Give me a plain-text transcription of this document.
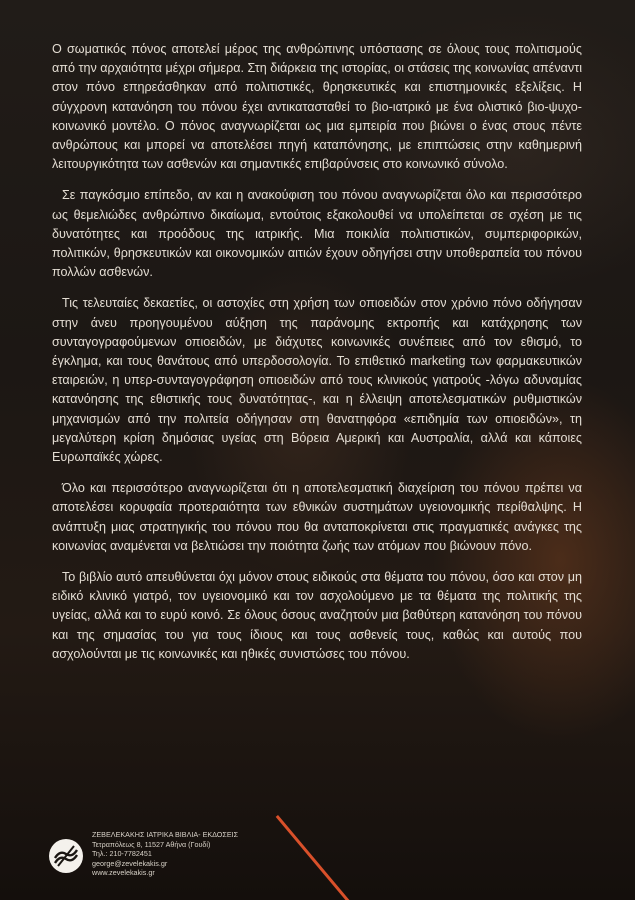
Ο σωματικός πόνος αποτελεί μέρος της ανθρώπινης υπόστασης σε όλους τους πολιτισμούς από την αρχαιότητα μέχρι σήμερα. Στη διάρκεια της ιστορίας, οι στάσεις της κοινωνίας απέναντι στον πόνο επηρεάσθηκαν από πολιτιστικές, θρησκευτικές και επιστημονικές εξελίξεις. Η σύγχρονη κατανόηση του πόνου έχει αντικατασταθεί το βιο-ιατρικό με ένα ολιστικό βιο-ψυχο-κοινωνικό μοντέλο. Ο πόνος αναγνωρίζεται ως μια εμπειρία που βιώνει ο ένας στους πέντε ανθρώπους και μπορεί να αποτελέσει πηγή καταπόνησης, με επιπτώσεις στην καθημερινή λειτουργικότητα των ασθενών και σημαντικές επιβαρύνσεις στο κοινωνικό σύνολο.

Σε παγκόσμιο επίπεδο, αν και η ανακούφιση του πόνου αναγνωρίζεται όλο και περισσότερο ως θεμελιώδες ανθρώπινο δικαίωμα, εντούτοις εξακολουθεί να υπολείπεται σε σχέση με τις δυνατότητες και προόδους της ιατρικής. Μια ποικιλία πολιτιστικών, συμπεριφορικών, πολιτικών, θρησκευτικών και οικονομικών αιτιών έχουν οδηγήσει στην υποθεραπεία του πόνου πολλών ασθενών.

Τις τελευταίες δεκαετίες, οι αστοχίες στη χρήση των οπιοειδών στον χρόνιο πόνο οδήγησαν στην άνευ προηγουμένου αύξηση της παράνομης εκτροπής και κατάχρησης των συνταγογραφούμενων οπιοειδών, με διάχυτες κοινωνικές συνέπειες από τον εθισμό, το έγκλημα, και τους θανάτους από υπερδοσολογία. Το επιθετικό marketing των φαρμακευτικών εταιρειών, η υπερ-συνταγογράφηση οπιοειδών από τους κλινικούς γιατρούς -λόγω αδυναμίας κατανόησης της εθιστικής τους δυνατότητας-, και η έλλειψη αποτελεσματικών ρυθμιστικών μηχανισμών από την πολιτεία οδήγησαν στη θανατηφόρα «επιδημία των οπιοειδών», τη μεγαλύτερη κρίση δημόσιας υγείας στη Βόρεια Αμερική και Αυστραλία, αλλά και κάποιες Ευρωπαϊκές χώρες.

Όλο και περισσότερο αναγνωρίζεται ότι η αποτελεσματική διαχείριση του πόνου πρέπει να αποτελέσει κορυφαία προτεραιότητα των εθνικών συστημάτων υγειονομικής περίθαλψης. Η ανάπτυξη μιας στρατηγικής του πόνου που θα ανταποκρίνεται στις πραγματικές ανάγκες της κοινωνίας αναμένεται να βελτιώσει την ποιότητα ζωής των ατόμων που βιώνουν πόνο.

Το βιβλίο αυτό απευθύνεται όχι μόνον στους ειδικούς στα θέματα του πόνου, όσο και στον μη ειδικό κλινικό γιατρό, τον υγειονομικό και τον ασχολούμενο με τα θέματα της πολιτικής της υγείας, αλλά και το ευρύ κοινό. Σε όλους όσους αναζητούν μια βαθύτερη κατανόηση του πόνου και της σημασίας του για τους ίδιους και τους ασθενείς τους, καθώς και αυτούς που ασχολούνται με τις κοινωνικές και ηθικές συνιστώσες του πόνου.

ΖΕΒΕΛΕΚΑΚΗΣ ΙΑΤΡΙΚΑ ΒΙΒΛΙΑ- ΕΚΔΟΣΕΙΣ
Τετραπόλεως 8, 11527 Αθήνα (Γουδί)
Τηλ.: 210-7782451
george@zevelekakis.gr
www.zevelekakis.gr
